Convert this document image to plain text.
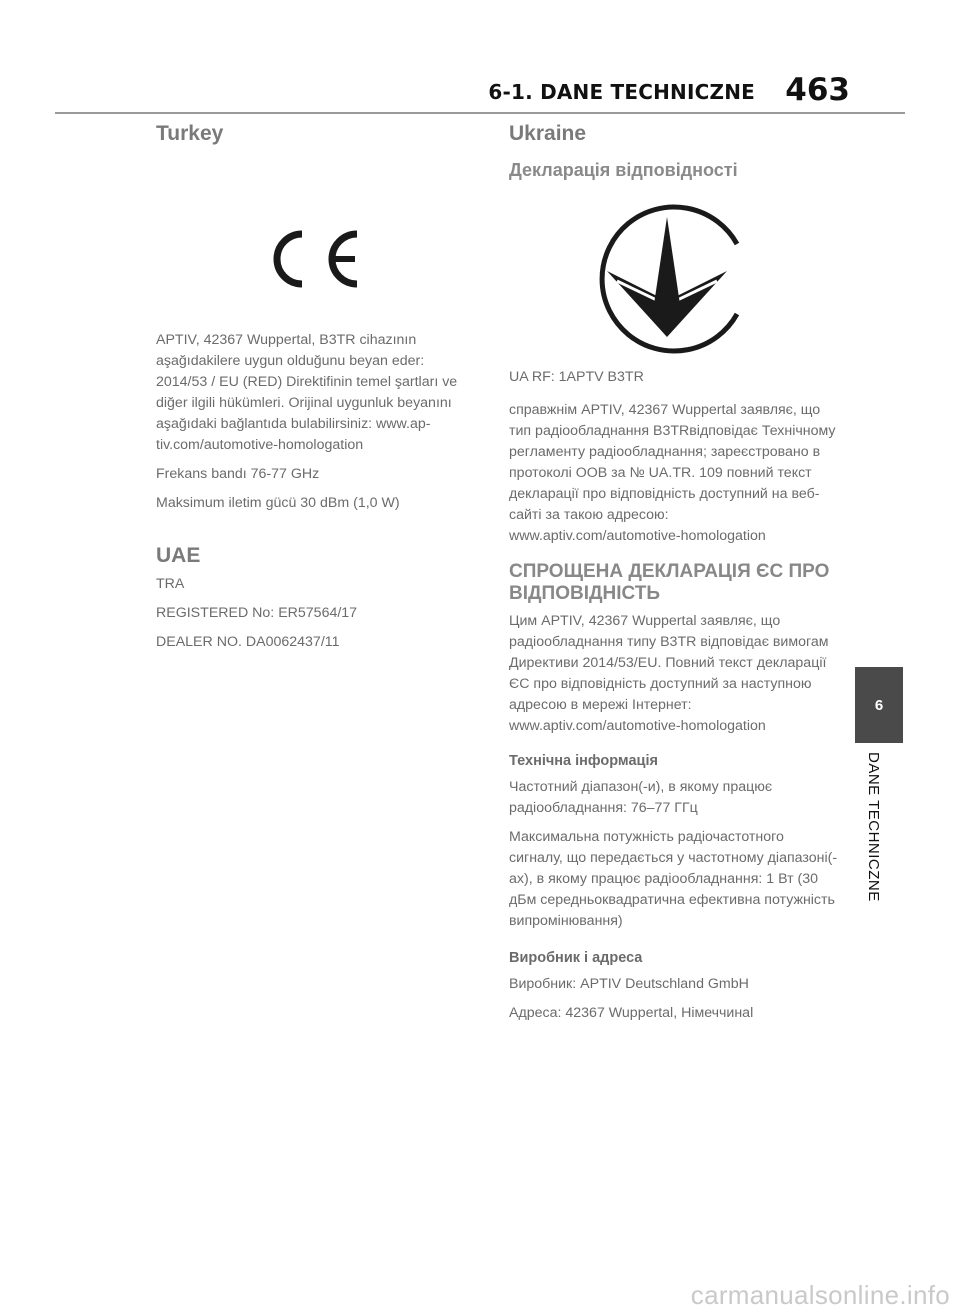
6-1. DANE TECHNICZNE 463
Turkey

APTIV, 42367 Wuppertal, B3TR cihazının aşağıdakilere uygun olduğunu beyan eder: 2014/53 / EU (RED) Direktifinin temel şartları ve diğer ilgili hükümleri. Orijinal uygunluk beyanını aşağıdaki bağlantıda bulabilirsiniz: www.ap-tiv.com/automotive-homologation

Frekans bandı 76-77 GHz

Maksimum iletim gücü 30 dBm (1,0 W)

UAE

TRA

REGISTERED No: ER57564/17

DEALER NO. DA0062437/11

Ukraine
Декларація відповідності

UA RF: 1APTV B3TR

справжнім APTIV, 42367 Wuppertal заявляє, що тип радіообладнання B3TRвідповідає Технічному регламенту радіообладнання; зареєстровано в протоколі OOB за № UA.TR. 109 повний текст декларації про відповідність доступний на веб-сайті за такою адресою: www.aptiv.com/automotive-homologation

СПРОЩЕНА ДЕКЛАРАЦІЯ ЄС ПРО ВІДПОВІДНІСТЬ

Цим APTIV, 42367 Wuppertal заявляє, що радіообладнання типу B3TR відповідає вимогам Директиви 2014/53/EU. Повний текст декларації ЄС про відповідність доступний за наступною адресою в мережі Інтернет: www.aptiv.com/automotive-homologation

Технічна інформація

Частотний діапазон(-и), в якому працює радіообладнання: 76–77 ГГц

Максимальна потужність радіочастотного сигналу, що передається у частотному діапазоні(-ах), в якому працює радіообладнання: 1 Вт (30 дБм середньоквадратична ефективна потужність випромінювання)

Виробник і адреса

Виробник: APTIV Deutschland GmbH

Адреса: 42367 Wuppertal, Німеччинаl

6
DANE TECHNICZNE
carmanualsonline.info
